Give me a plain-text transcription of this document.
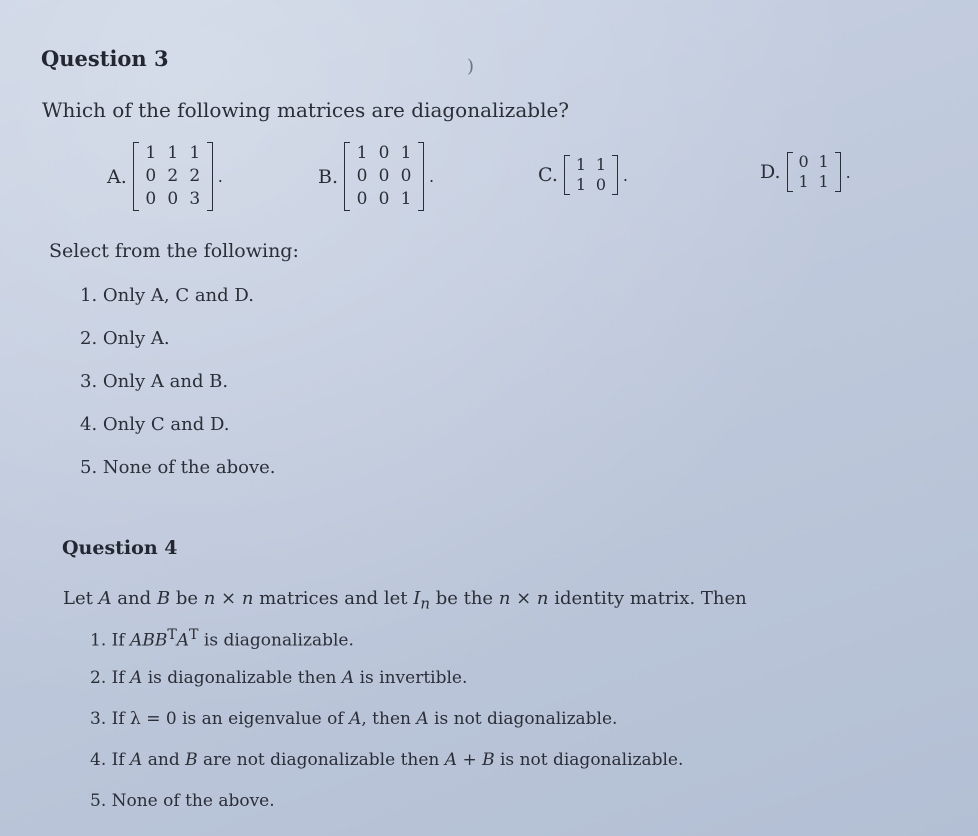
Question 3	)
Which of the following matrices are diagonalizable?
A.
1 1 1
0 2 2
0 0 3
.	B.
1 0 1
0 0 0
0 0 1
.	C.	1 1
1 0	.	D.	0 1
1 1	.
Select from the following:
1. Only A, C and D.
2. Only A.
3. Only A and B.
4. Only C and D.
5. None of the above.
Question 4
Let A and B be n × n matrices and let $I_n$ be the n × n identity matrix. Then
1. If $ABB^TA^T$ is diagonalizable.
2. If A is diagonalizable then A is invertible.
3. If λ = 0 is an eigenvalue of A, then A is not diagonalizable.
4. If A and B are not diagonalizable then A + B is not diagonalizable.
5. None of the above.
